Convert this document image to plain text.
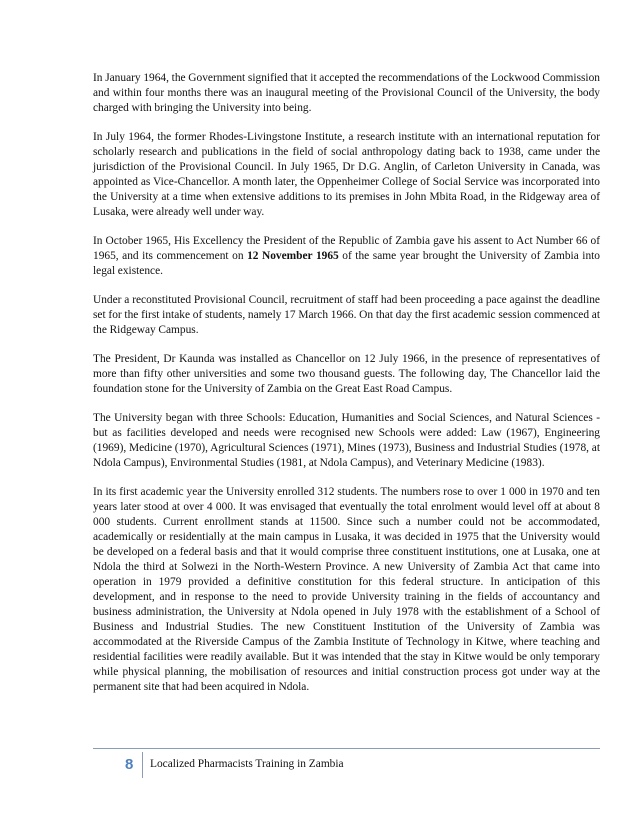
In January 1964, the Government signified that it accepted the recommendations of the Lockwood Commission and within four months there was an inaugural meeting of the Provisional Council of the University, the body charged with bringing the University into being.

In July 1964, the former Rhodes-Livingstone Institute, a research institute with an international reputation for scholarly research and publications in the field of social anthropology dating back to 1938, came under the jurisdiction of the Provisional Council. In July 1965, Dr D.G. Anglin, of Carleton University in Canada, was appointed as Vice-Chancellor. A month later, the Oppenheimer College of Social Service was incorporated into the University at a time when extensive additions to its premises in John Mbita Road, in the Ridgeway area of Lusaka, were already well under way.

In October 1965, His Excellency the President of the Republic of Zambia gave his assent to Act Number 66 of 1965, and its commencement on 12 November 1965 of the same year brought the University of Zambia into legal existence.

Under a reconstituted Provisional Council, recruitment of staff had been proceeding a pace against the deadline set for the first intake of students, namely 17 March 1966. On that day the first academic session commenced at the Ridgeway Campus.

The President, Dr Kaunda was installed as Chancellor on 12 July 1966, in the presence of representatives of more than fifty other universities and some two thousand guests. The following day, The Chancellor laid the foundation stone for the University of Zambia on the Great East Road Campus.

The University began with three Schools: Education, Humanities and Social Sciences, and Natural Sciences - but as facilities developed and needs were recognised new Schools were added: Law (1967), Engineering (1969), Medicine (1970), Agricultural Sciences (1971), Mines (1973), Business and Industrial Studies (1978, at Ndola Campus), Environmental Studies (1981, at Ndola Campus), and Veterinary Medicine (1983).

In its first academic year the University enrolled 312 students. The numbers rose to over 1 000 in 1970 and ten years later stood at over 4 000. It was envisaged that eventually the total enrolment would level off at about 8 000 students. Current enrollment stands at 11500. Since such a number could not be accommodated, academically or residentially at the main campus in Lusaka, it was decided in 1975 that the University would be developed on a federal basis and that it would comprise three constituent institutions, one at Lusaka, one at Ndola the third at Solwezi in the North-Western Province. A new University of Zambia Act that came into operation in 1979 provided a definitive constitution for this federal structure. In anticipation of this development, and in response to the need to provide University training in the fields of accountancy and business administration, the University at Ndola opened in July 1978 with the establishment of a School of Business and Industrial Studies. The new Constituent Institution of the University of Zambia was accommodated at the Riverside Campus of the Zambia Institute of Technology in Kitwe, where teaching and residential facilities were readily available. But it was intended that the stay in Kitwe would be only temporary while physical planning, the mobilisation of resources and initial construction process got under way at the permanent site that had been acquired in Ndola.

8 Localized Pharmacists Training in Zambia
